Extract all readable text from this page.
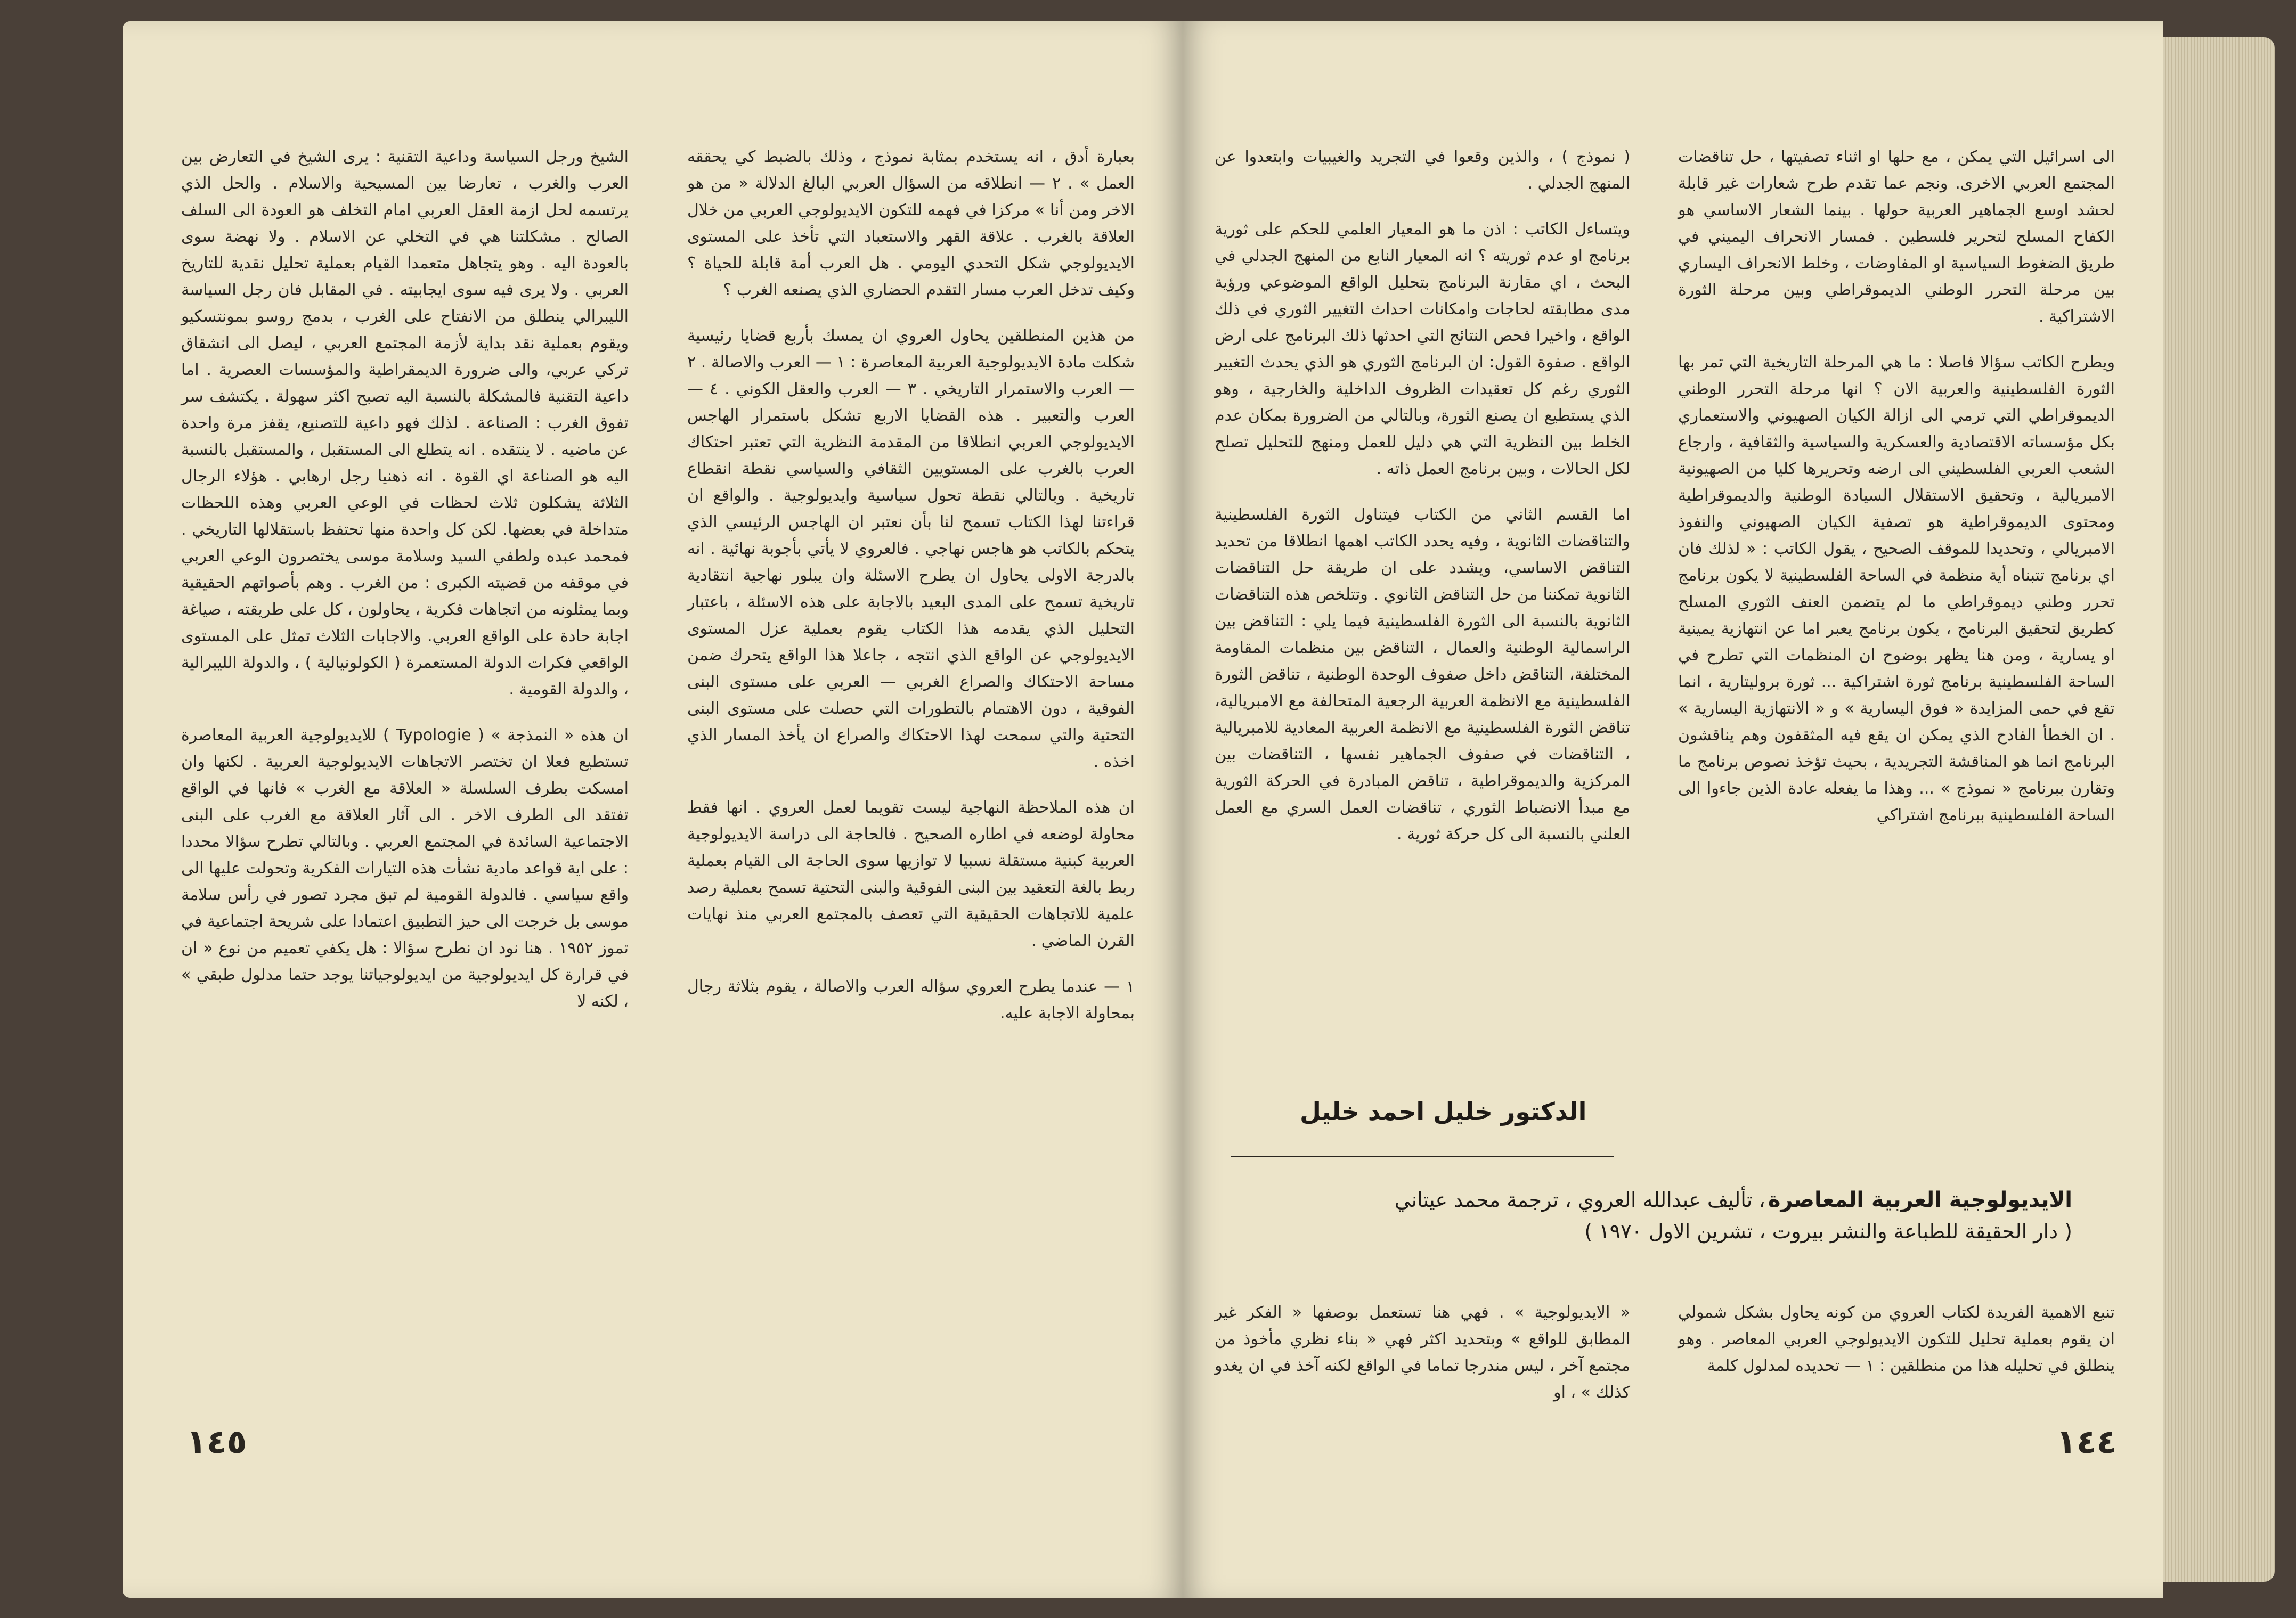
الشيخ ورجل السياسة وداعية التقنية : يرى الشيخ في التعارض بين العرب والغرب ، تعارضا بين المسيحية والاسلام . والحل الذي يرتسمه لحل ازمة العقل العربي امام التخلف هو العودة الى السلف الصالح . مشكلتنا هي في التخلي عن الاسلام . ولا نهضة سوى بالعودة اليه . وهو يتجاهل متعمدا القيام بعملية تحليل نقدية للتاريخ العربي . ولا يرى فيه سوى ايجابيته . في المقابل فان رجل السياسة الليبرالي ينطلق من الانفتاح على الغرب ، بدمج روسو بمونتسكيو ويقوم بعملية نقد بداية لأزمة المجتمع العربي ، ليصل الى انشقاق تركي عربي، والى ضرورة الديمقراطية والمؤسسات العصرية . اما داعية التقنية فالمشكلة بالنسبة اليه تصبح اكثر سهولة . يكتشف سر تفوق الغرب : الصناعة . لذلك فهو داعية للتصنيع، يقفز مرة واحدة عن ماضيه . لا ينتقده . انه يتطلع الى المستقبل ، والمستقبل بالنسبة اليه هو الصناعة اي القوة . انه ذهنيا رجل ارهابي . هؤلاء الرجال الثلاثة يشكلون ثلاث لحظات في الوعي العربي وهذه اللحظات متداخلة في بعضها. لكن كل واحدة منها تحتفظ باستقلالها التاريخي . فمحمد عبده ولطفي السيد وسلامة موسى يختصرون الوعي العربي في موقفه من قضيته الكبرى : من الغرب . وهم بأصواتهم الحقيقية وبما يمثلونه من اتجاهات فكرية ، يحاولون ، كل على طريقته ، صياغة اجابة حادة على الواقع العربي. والاجابات الثلاث تمثل على المستوى الواقعي فكرات الدولة المستعمرة ( الكولونيالية ) ، والدولة الليبرالية ، والدولة القومية .

ان هذه « النمذجة » ( Typologie ) للايديولوجية العربية المعاصرة تستطيع فعلا ان تختصر الاتجاهات الايديولوجية العربية . لكنها وان امسكت بطرف السلسلة « العلاقة مع الغرب » فانها في الواقع تفتقد الى الطرف الاخر . الى آثار العلاقة مع الغرب على البنى الاجتماعية السائدة في المجتمع العربي . وبالتالي تطرح سؤالا محددا : على اية قواعد مادية نشأت هذه التيارات الفكرية وتحولت عليها الى واقع سياسي . فالدولة القومية لم تبق مجرد تصور في رأس سلامة موسى بل خرجت الى حيز التطبيق اعتمادا على شريحة اجتماعية في تموز ١٩٥٢ . هنا نود ان نطرح سؤالا : هل يكفي تعميم من نوع « ان في قرارة كل ايديولوجية من ايديولوجياتنا يوجد حتما مدلول طبقي » ، لكنه لا

بعبارة أدق ، انه يستخدم بمثابة نموذج ، وذلك بالضبط كي يحققه العمل » . ٢ — انطلاقه من السؤال العربي البالغ الدلالة « من هو الاخر ومن أنا » مركزا في فهمه للتكون الايديولوجي العربي من خلال العلاقة بالغرب . علاقة القهر والاستعباد التي تأخذ على المستوى الايديولوجي شكل التحدي اليومي . هل العرب أمة قابلة للحياة ؟ وكيف تدخل العرب مسار التقدم الحضاري الذي يصنعه الغرب ؟

من هذين المنطلقين يحاول العروي ان يمسك بأربع قضايا رئيسية شكلت مادة الايديولوجية العربية المعاصرة : ١ — العرب والاصالة . ٢ — العرب والاستمرار التاريخي . ٣ — العرب والعقل الكوني . ٤ — العرب والتعبير . هذه القضايا الاربع تشكل باستمرار الهاجس الايديولوجي العربي انطلاقا من المقدمة النظرية التي تعتبر احتكاك العرب بالغرب على المستويين الثقافي والسياسي نقطة انقطاع تاريخية . وبالتالي نقطة تحول سياسية وايديولوجية . والواقع ان قراءتنا لهذا الكتاب تسمح لنا بأن نعتبر ان الهاجس الرئيسي الذي يتحكم بالكاتب هو هاجس نهاجي . فالعروي لا يأتي بأجوبة نهائية . انه بالدرجة الاولى يحاول ان يطرح الاسئلة وان يبلور نهاجية انتقادية تاريخية تسمح على المدى البعيد بالاجابة على هذه الاسئلة ، باعتبار التحليل الذي يقدمه هذا الكتاب يقوم بعملية عزل المستوى الايديولوجي عن الواقع الذي انتجه ، جاعلا هذا الواقع يتحرك ضمن مساحة الاحتكاك والصراع الغربي — العربي على مستوى البنى الفوقية ، دون الاهتمام بالتطورات التي حصلت على مستوى البنى التحتية والتي سمحت لهذا الاحتكاك والصراع ان يأخذ المسار الذي اخذه .

ان هذه الملاحظة النهاجية ليست تقويما لعمل العروي . انها فقط محاولة لوضعه في اطاره الصحيح . فالحاجة الى دراسة الايديولوجية العربية كبنية مستقلة نسبيا لا توازيها سوى الحاجة الى القيام بعملية ربط بالغة التعقيد بين البنى الفوقية والبنى التحتية تسمح بعملية رصد علمية للاتجاهات الحقيقية التي تعصف بالمجتمع العربي منذ نهايات القرن الماضي .

١ — عندما يطرح العروي سؤاله العرب والاصالة ، يقوم بثلاثة رجال بمحاولة الاجابة عليه.

١٤٥

( نموذج ) ، والذين وقعوا في التجريد والغيبيات وابتعدوا عن المنهج الجدلي .

ويتساءل الكاتب : اذن ما هو المعيار العلمي للحكم على ثورية برنامج او عدم ثوريته ؟ انه المعيار النابع من المنهج الجدلي في البحث ، اي مقارنة البرنامج بتحليل الواقع الموضوعي ورؤية مدى مطابقته لحاجات وامكانات احداث التغيير الثوري في ذلك الواقع ، واخيرا فحص النتائج التي احدثها ذلك البرنامج على ارض الواقع . صفوة القول: ان البرنامج الثوري هو الذي يحدث التغيير الثوري رغم كل تعقيدات الظروف الداخلية والخارجية ، وهو الذي يستطيع ان يصنع الثورة، وبالتالي من الضرورة بمكان عدم الخلط بين النظرية التي هي دليل للعمل ومنهج للتحليل تصلح لكل الحالات ، وبين برنامج العمل ذاته .

اما القسم الثاني من الكتاب فيتناول الثورة الفلسطينية والتناقضات الثانوية ، وفيه يحدد الكاتب اهمها انطلاقا من تحديد التناقض الاساسي، ويشدد على ان طريقة حل التناقضات الثانوية تمكننا من حل التناقض الثانوي . وتتلخص هذه التناقضات الثانوية بالنسبة الى الثورة الفلسطينية فيما يلي : التناقض بين الراسمالية الوطنية والعمال ، التناقض بين منظمات المقاومة المختلفة، التناقض داخل صفوف الوحدة الوطنية ، تناقض الثورة الفلسطينية مع الانظمة العربية الرجعية المتحالفة مع الامبريالية، تناقض الثورة الفلسطينية مع الانظمة العربية المعادية للامبريالية ، التناقضات في صفوف الجماهير نفسها ، التناقضات بين المركزية والديموقراطية ، تناقض المبادرة في الحركة الثورية مع مبدأ الانضباط الثوري ، تناقضات العمل السري مع العمل العلني بالنسبة الى كل حركة ثورية .

الدكتور خليل احمد خليل

الى اسرائيل التي يمكن ، مع حلها او اثناء تصفيتها ، حل تناقضات المجتمع العربي الاخرى. ونجم عما تقدم طرح شعارات غير قابلة لحشد اوسع الجماهير العربية حولها . بينما الشعار الاساسي هو الكفاح المسلح لتحرير فلسطين . فمسار الانحراف اليميني في طريق الضغوط السياسية او المفاوضات ، وخلط الانحراف اليساري بين مرحلة التحرر الوطني الديموقراطي وبين مرحلة الثورة الاشتراكية .

ويطرح الكاتب سؤالا فاصلا : ما هي المرحلة التاريخية التي تمر بها الثورة الفلسطينية والعربية الان ؟ انها مرحلة التحرر الوطني الديموقراطي التي ترمي الى ازالة الكيان الصهيوني والاستعماري بكل مؤسساته الاقتصادية والعسكرية والسياسية والثقافية ، وارجاع الشعب العربي الفلسطيني الى ارضه وتحريرها كليا من الصهيونية الامبريالية ، وتحقيق الاستقلال السيادة الوطنية والديموقراطية ومحتوى الديموقراطية هو تصفية الكيان الصهيوني والنفوذ الامبريالي ، وتحديدا للموقف الصحيح ، يقول الكاتب : « لذلك فان اي برنامج تتبناه أية منظمة في الساحة الفلسطينية لا يكون برنامج تحرر وطني ديموقراطي ما لم يتضمن العنف الثوري المسلح كطريق لتحقيق البرنامج ، يكون برنامج يعبر اما عن انتهازية يمينية او يسارية ، ومن هنا يظهر بوضوح ان المنظمات التي تطرح في الساحة الفلسطينية برنامج ثورة اشتراكية ... ثورة بروليتارية ، انما تقع في حمى المزايدة « فوق اليسارية » و « الانتهازية اليسارية » . ان الخطأ الفادح الذي يمكن ان يقع فيه المثقفون وهم يناقشون البرنامج انما هو المناقشة التجريدية ، بحيث تؤخذ نصوص برنامج ما وتقارن ببرنامج « نموذج » ... وهذا ما يفعله عادة الذين جاءوا الى الساحة الفلسطينية ببرنامج اشتراكي

الايديولوجية العربية المعاصرة ، تأليف عبدالله العروي ، ترجمة محمد عيتاني
( دار الحقيقة للطباعة والنشر بيروت ، تشرين الاول ١٩٧٠ )

تنبع الاهمية الفريدة لكتاب العروي من كونه يحاول بشكل شمولي ان يقوم بعملية تحليل للتكون الايديولوجي العربي المعاصر . وهو ينطلق في تحليله هذا من منطلقين : ١ — تحديده لمدلول كلمة

« الايديولوجية » . فهي هنا تستعمل بوصفها « الفكر غير المطابق للواقع » وبتحديد اكثر فهي « بناء نظري مأخوذ من مجتمع آخر ، ليس مندرجا تماما في الواقع لكنه آخذ في ان يغدو كذلك » ، او

١٤٤
